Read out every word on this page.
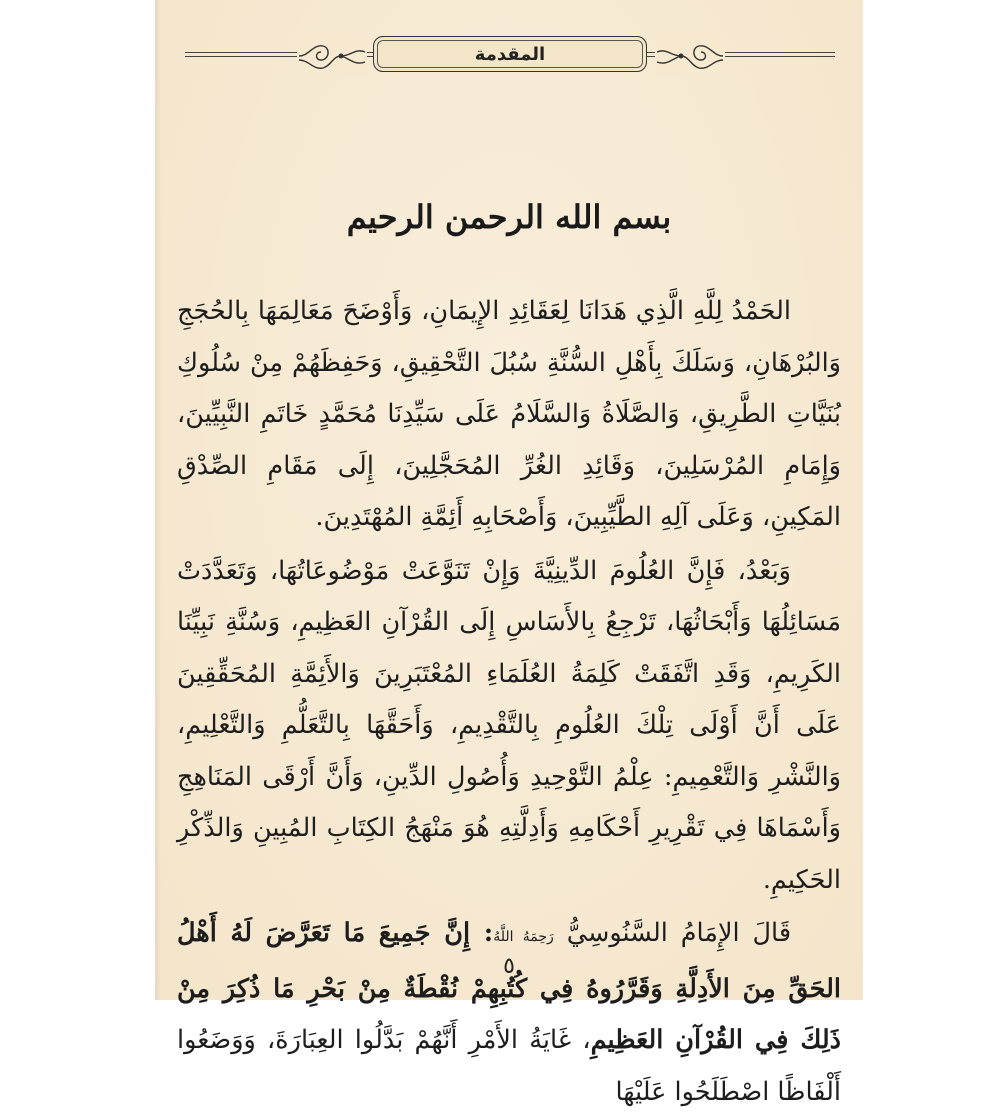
المقدمة
بسم الله الرحمن الرحيم

الحَمْدُ لِلَّهِ الَّذِي هَدَانَا لِعَقَائِدِ الإِيمَانِ، وَأَوْضَحَ مَعَالِمَهَا بِالحُجَجِ وَالبُرْهَانِ، وَسَلَكَ بِأَهْلِ السُّنَّةِ سُبُلَ التَّحْقِيقِ، وَحَفِظَهُمْ مِنْ سُلُوكِ بُنَيَّاتِ الطَّرِيقِ، وَالصَّلَاةُ وَالسَّلَامُ عَلَى سَيِّدِنَا مُحَمَّدٍ خَاتَمِ النَّبِيِّينَ، وَإِمَامِ المُرْسَلِينَ، وَقَائِدِ الغُرِّ المُحَجَّلِينَ، إِلَى مَقَامِ الصِّدْقِ المَكِينِ، وَعَلَى آلِهِ الطَّيِّبِينَ، وَأَصْحَابِهِ أَئِمَّةِ المُهْتَدِينَ.

وَبَعْدُ، فَإِنَّ العُلُومَ الدِّينِيَّةَ وَإِنْ تَنَوَّعَتْ مَوْضُوعَاتُهَا، وَتَعَدَّدَتْ مَسَائِلُهَا وَأَبْحَاثُهَا، تَرْجِعُ بِالأَسَاسِ إِلَى القُرْآنِ العَظِيمِ، وَسُنَّةِ نَبِيِّنَا الكَرِيمِ، وَقَدِ اتَّفَقَتْ كَلِمَةُ العُلَمَاءِ المُعْتَبَرِينَ وَالأَئِمَّةِ المُحَقِّقِينَ عَلَى أَنَّ أَوْلَى تِلْكَ العُلُومِ بِالتَّقْدِيمِ، وَأَحَقَّهَا بِالتَّعَلُّمِ وَالتَّعْلِيمِ، وَالنَّشْرِ وَالتَّعْمِيمِ: عِلْمُ التَّوْحِيدِ وَأُصُولِ الدِّينِ، وَأَنَّ أَرْقَى المَنَاهِجِ وَأَسْمَاهَا فِي تَقْرِيرِ أَحْكَامِهِ وَأَدِلَّتِهِ هُوَ مَنْهَجُ الكِتَابِ المُبِينِ وَالذِّكْرِ الحَكِيمِ.

قَالَ الإِمَامُ السَّنُوسِيُّ رَحِمَهُ اللَّهُ: إِنَّ جَمِيعَ مَا تَعَرَّضَ لَهُ أَهْلُ الحَقِّ مِنَ الأَدِلَّةِ وَقَرَّرُوهُ فِي كُتُبِهِمْ نُقْطَةٌ مِنْ بَحْرِ مَا ذُكِرَ مِنْ ذَلِكَ فِي القُرْآنِ العَظِيمِ، غَايَةُ الأَمْرِ أَنَّهُمْ بَدَّلُوا العِبَارَةَ، وَوَضَعُوا أَلْفَاظًا اصْطَلَحُوا عَلَيْهَا

٥
